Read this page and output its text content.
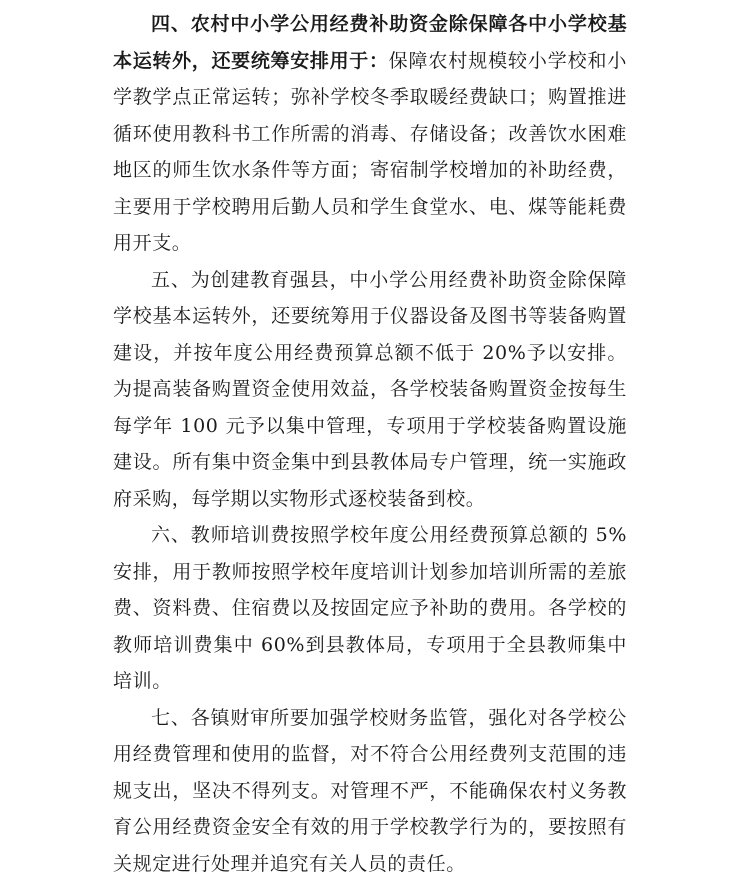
四、农村中小学公用经费补助资金除保障各中小学校基本运转外，还要统筹安排用于：保障农村规模较小学校和小学教学点正常运转；弥补学校冬季取暖经费缺口；购置推进循环使用教科书工作所需的消毒、存储设备；改善饮水困难地区的师生饮水条件等方面；寄宿制学校增加的补助经费，主要用于学校聘用后勤人员和学生食堂水、电、煤等能耗费用开支。

五、为创建教育强县，中小学公用经费补助资金除保障学校基本运转外，还要统筹用于仪器设备及图书等装备购置建设，并按年度公用经费预算总额不低于 20%予以安排。为提高装备购置资金使用效益，各学校装备购置资金按每生每学年 100 元予以集中管理，专项用于学校装备购置设施建设。所有集中资金集中到县教体局专户管理，统一实施政府采购，每学期以实物形式逐校装备到校。

六、教师培训费按照学校年度公用经费预算总额的 5%安排，用于教师按照学校年度培训计划参加培训所需的差旅费、资料费、住宿费以及按固定应予补助的费用。各学校的教师培训费集中 60%到县教体局，专项用于全县教师集中培训。

七、各镇财审所要加强学校财务监管，强化对各学校公用经费管理和使用的监督，对不符合公用经费列支范围的违规支出，坚决不得列支。对管理不严，不能确保农村义务教育公用经费资金安全有效的用于学校教学行为的，要按照有关规定进行处理并追究有关人员的责任。
